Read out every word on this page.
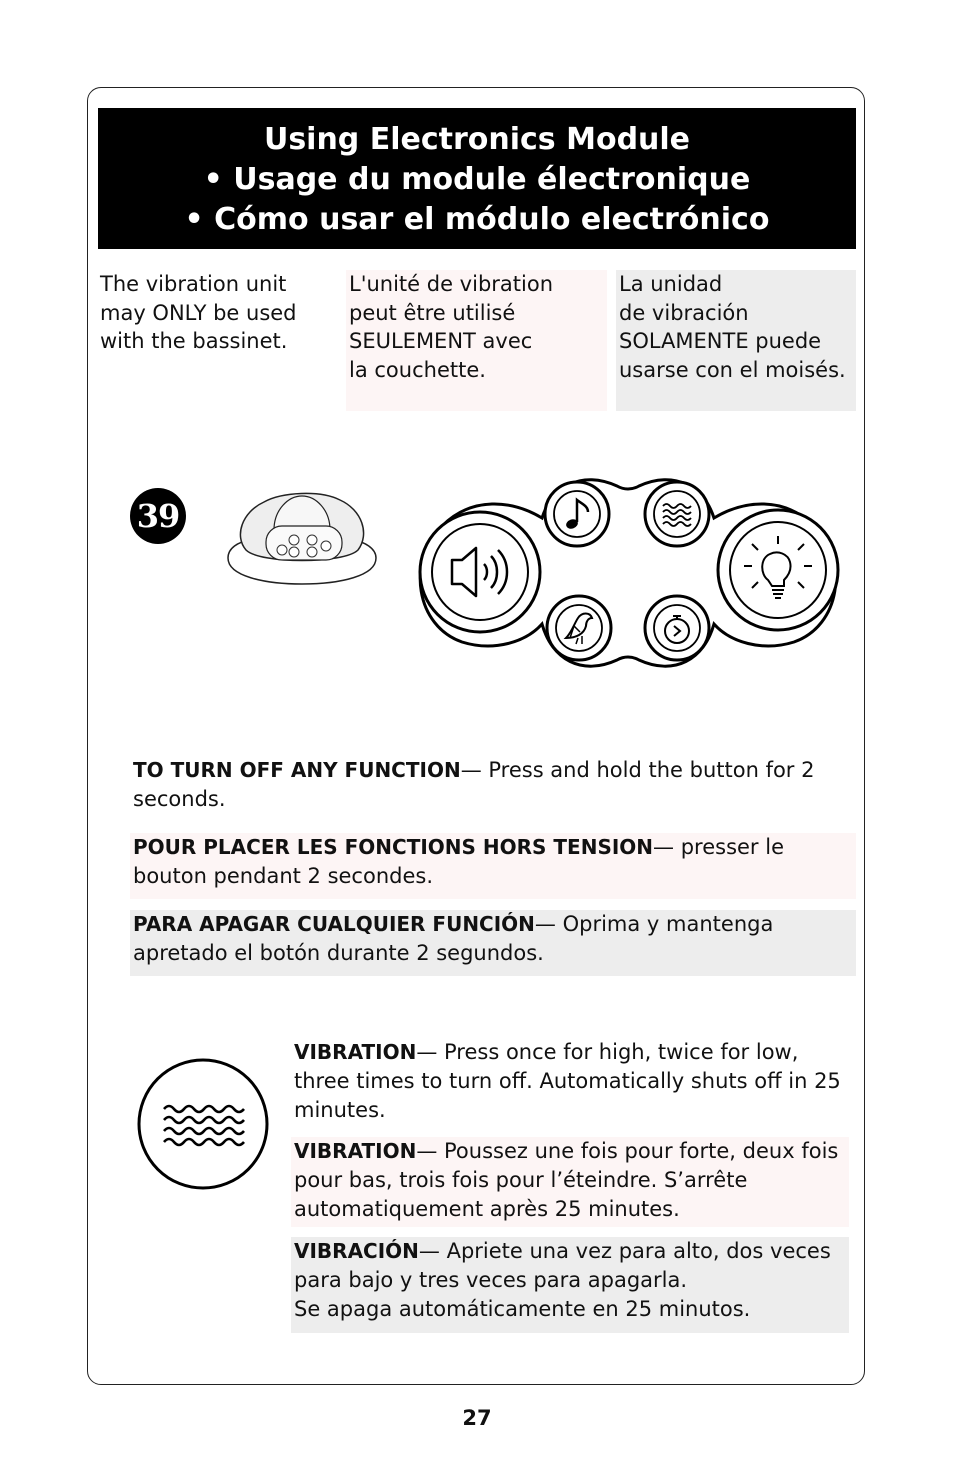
Using Electronics Module
• Usage du module électronique
• Cómo usar el módulo electrónico
The vibration unit
may ONLY be used
with the bassinet.
L'unité de vibration
peut être utilisé
SEULEMENT avec
la couchette.
La unidad
de vibración
SOLAMENTE puede
usarse con el moisés.
39
TO TURN OFF ANY FUNCTION— Press and hold the button for 2 seconds.
POUR PLACER LES FONCTIONS HORS TENSION— presser le bouton pendant 2 secondes.
PARA APAGAR CUALQUIER FUNCIÓN— Oprima y mantenga apretado el botón durante 2 segundos.
VIBRATION— Press once for high, twice for low, three times to turn off. Automatically shuts off in 25 minutes.
VIBRATION— Poussez une fois pour forte, deux fois pour bas, trois fois pour l’éteindre. S’arrête automatiquement après 25 minutes.
VIBRACIÓN— Apriete una vez para alto, dos veces para bajo y tres veces para apagarla.
Se apaga automáticamente en 25 minutos.
27
